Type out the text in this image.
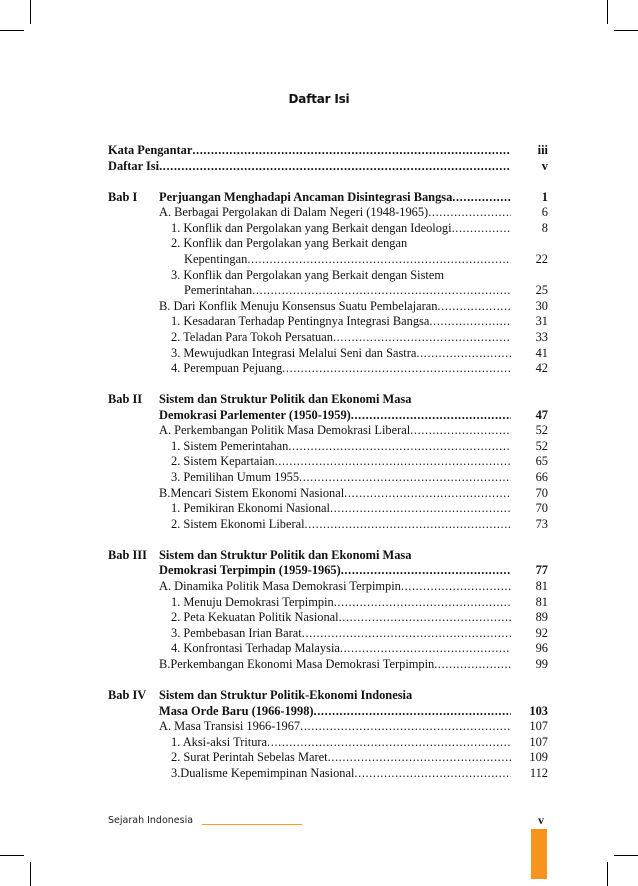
Daftar Isi
Kata Pengantar .....	iii
Daftar Isi .....	v
Bab I Perjuangan Menghadapi Ancaman Disintegrasi Bangsa .....	1
A. Berbagai Pergolakan di Dalam Negeri (1948-1965) .....	6
1. Konflik dan Pergolakan yang Berkait dengan Ideologi .....	8
2. Konflik dan Pergolakan yang Berkait dengan
Kepentingan .....	22
3. Konflik dan Pergolakan yang Berkait dengan Sistem
Pemerintahan .....	25
B. Dari Konflik Menuju Konsensus Suatu Pembelajaran .....	30
1. Kesadaran Terhadap Pentingnya Integrasi Bangsa .....	31
2. Teladan Para Tokoh Persatuan .....	33
3. Mewujudkan Integrasi Melalui Seni dan Sastra .....	41
4. Perempuan Pejuang .....	42
Bab II Sistem dan Struktur Politik dan Ekonomi Masa
Demokrasi Parlementer (1950-1959) .....	47
A. Perkembangan Politik Masa Demokrasi Liberal .....	52
1. Sistem Pemerintahan .....	52
2. Sistem Kepartaian .....	65
3. Pemilihan Umum 1955 .....	66
B.Mencari Sistem Ekonomi Nasional .....	70
1. Pemikiran Ekonomi Nasional .....	70
2. Sistem Ekonomi Liberal .....	73
Bab III Sistem dan Struktur Politik dan Ekonomi Masa
Demokrasi Terpimpin (1959-1965) .....	77
A. Dinamika Politik Masa Demokrasi Terpimpin .....	81
1. Menuju Demokrasi Terpimpin .....	81
2. Peta Kekuatan Politik Nasional .....	89
3. Pembebasan Irian Barat .....	92
4. Konfrontasi Terhadap Malaysia .....	96
B.Perkembangan Ekonomi Masa Demokrasi Terpimpin .....	99
Bab IV Sistem dan Struktur Politik-Ekonomi Indonesia
Masa Orde Baru (1966-1998) .....	103
A. Masa Transisi 1966-1967 .....	107
1. Aksi-aksi Tritura .....	107
2. Surat Perintah Sebelas Maret .....	109
3.Dualisme Kepemimpinan Nasional .....	112
Sejarah Indonesia	v
